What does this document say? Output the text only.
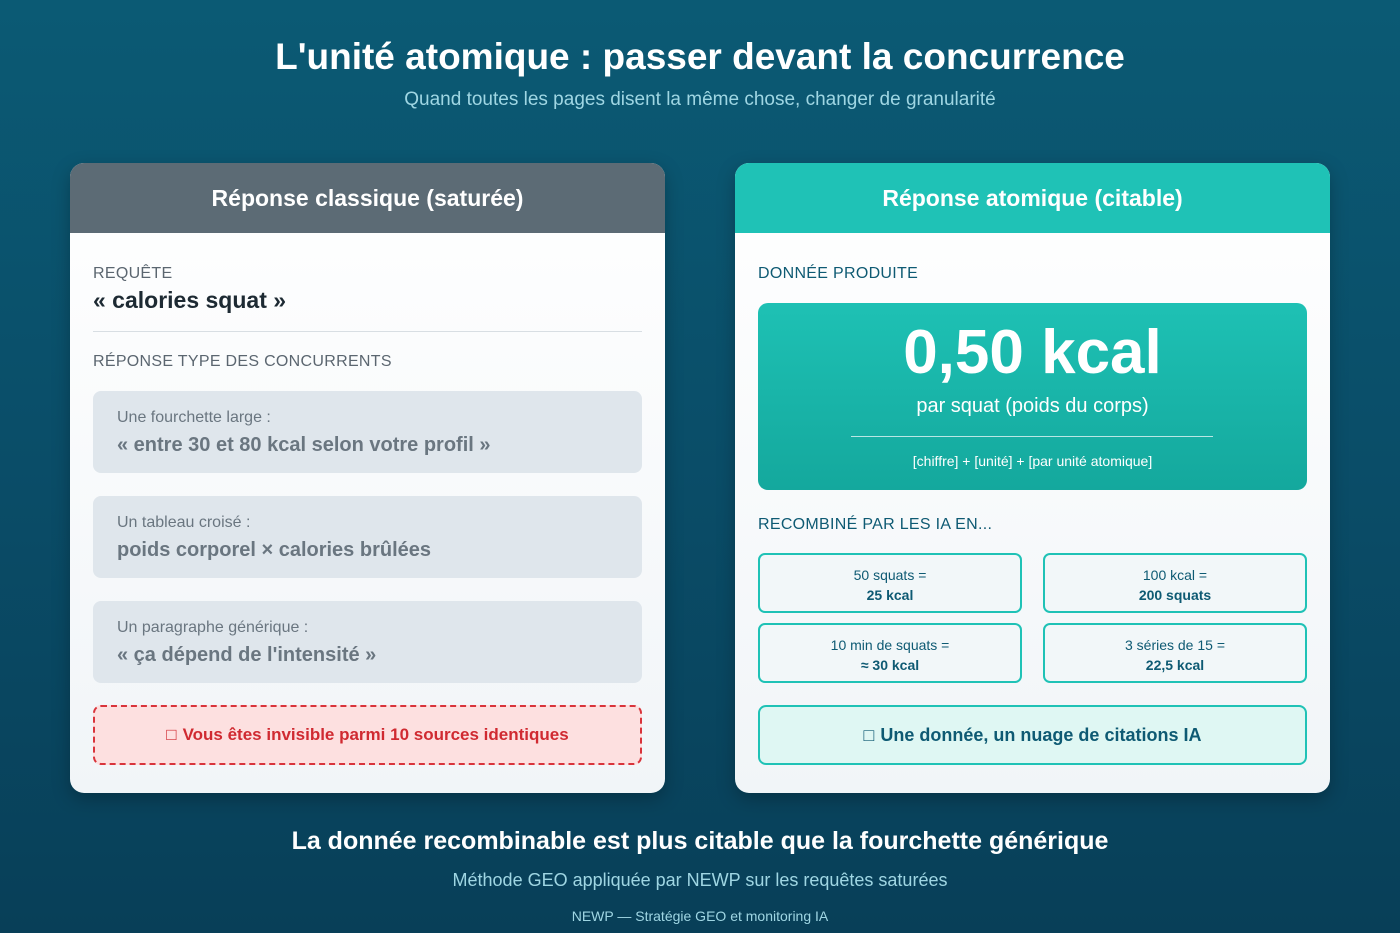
L'unité atomique : passer devant la concurrence
Quand toutes les pages disent la même chose, changer de granularité
Réponse classique (saturée)
REQUÊTE
« calories squat »
RÉPONSE TYPE DES CONCURRENTS
Une fourchette large :
« entre 30 et 80 kcal selon votre profil »
Un tableau croisé :
poids corporel × calories brûlées
Un paragraphe générique :
« ça dépend de l'intensité »
□ Vous êtes invisible parmi 10 sources identiques
Réponse atomique (citable)
DONNÉE PRODUITE
0,50 kcal
par squat (poids du corps)
[chiffre] + [unité] + [par unité atomique]
RECOMBINÉ PAR LES IA EN...
50 squats =
25 kcal
100 kcal =
200 squats
10 min de squats =
≈ 30 kcal
3 séries de 15 =
22,5 kcal
□ Une donnée, un nuage de citations IA
La donnée recombinable est plus citable que la fourchette générique
Méthode GEO appliquée par NEWP sur les requêtes saturées
NEWP — Stratégie GEO et monitoring IA
